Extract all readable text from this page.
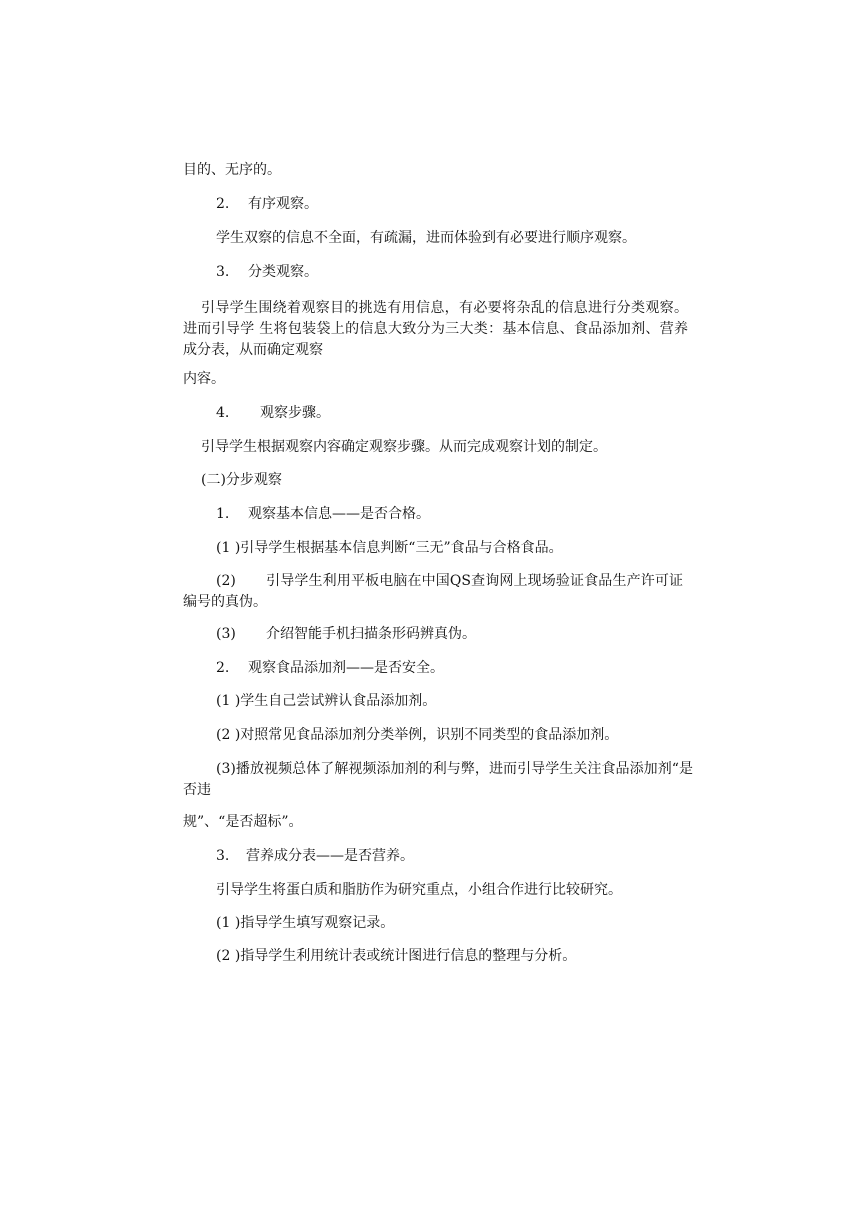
目的、无序的。
2. 有序观察。
学生双察的信息不全面，有疏漏，进而体验到有必要进行顺序观察。
3. 分类观察。
引导学生围绕着观察目的挑选有用信息，有必要将杂乱的信息进行分类观察。进而引导学 生将包装袋上的信息大致分为三大类：基本信息、食品添加剂、营养成分表，从而确定观察
内容。
4. 观察步骤。
引导学生根据观察内容确定观察步骤。从而完成观察计划的制定。
(二)分步观察
1. 观察基本信息——是否合格。
(1 )引导学生根据基本信息判断“三无”食品与合格食品。
(2) 引导学生利用平板电脑在中国QS查询网上现场验证食品生产许可证编号的真伪。
(3) 介绍智能手机扫描条形码辨真伪。
2. 观察食品添加剂——是否安全。
(1 )学生自己尝试辨认食品添加剂。
(2 )对照常见食品添加剂分类举例，识别不同类型的食品添加剂。
(3)播放视频总体了解视频添加剂的利与弊，进而引导学生关注食品添加剂“是否违
规”、“是否超标”。
3. 营养成分表——是否营养。
引导学生将蛋白质和脂肪作为研究重点，小组合作进行比较研究。
(1 )指导学生填写观察记录。
(2 )指导学生利用统计表或统计图进行信息的整理与分析。
